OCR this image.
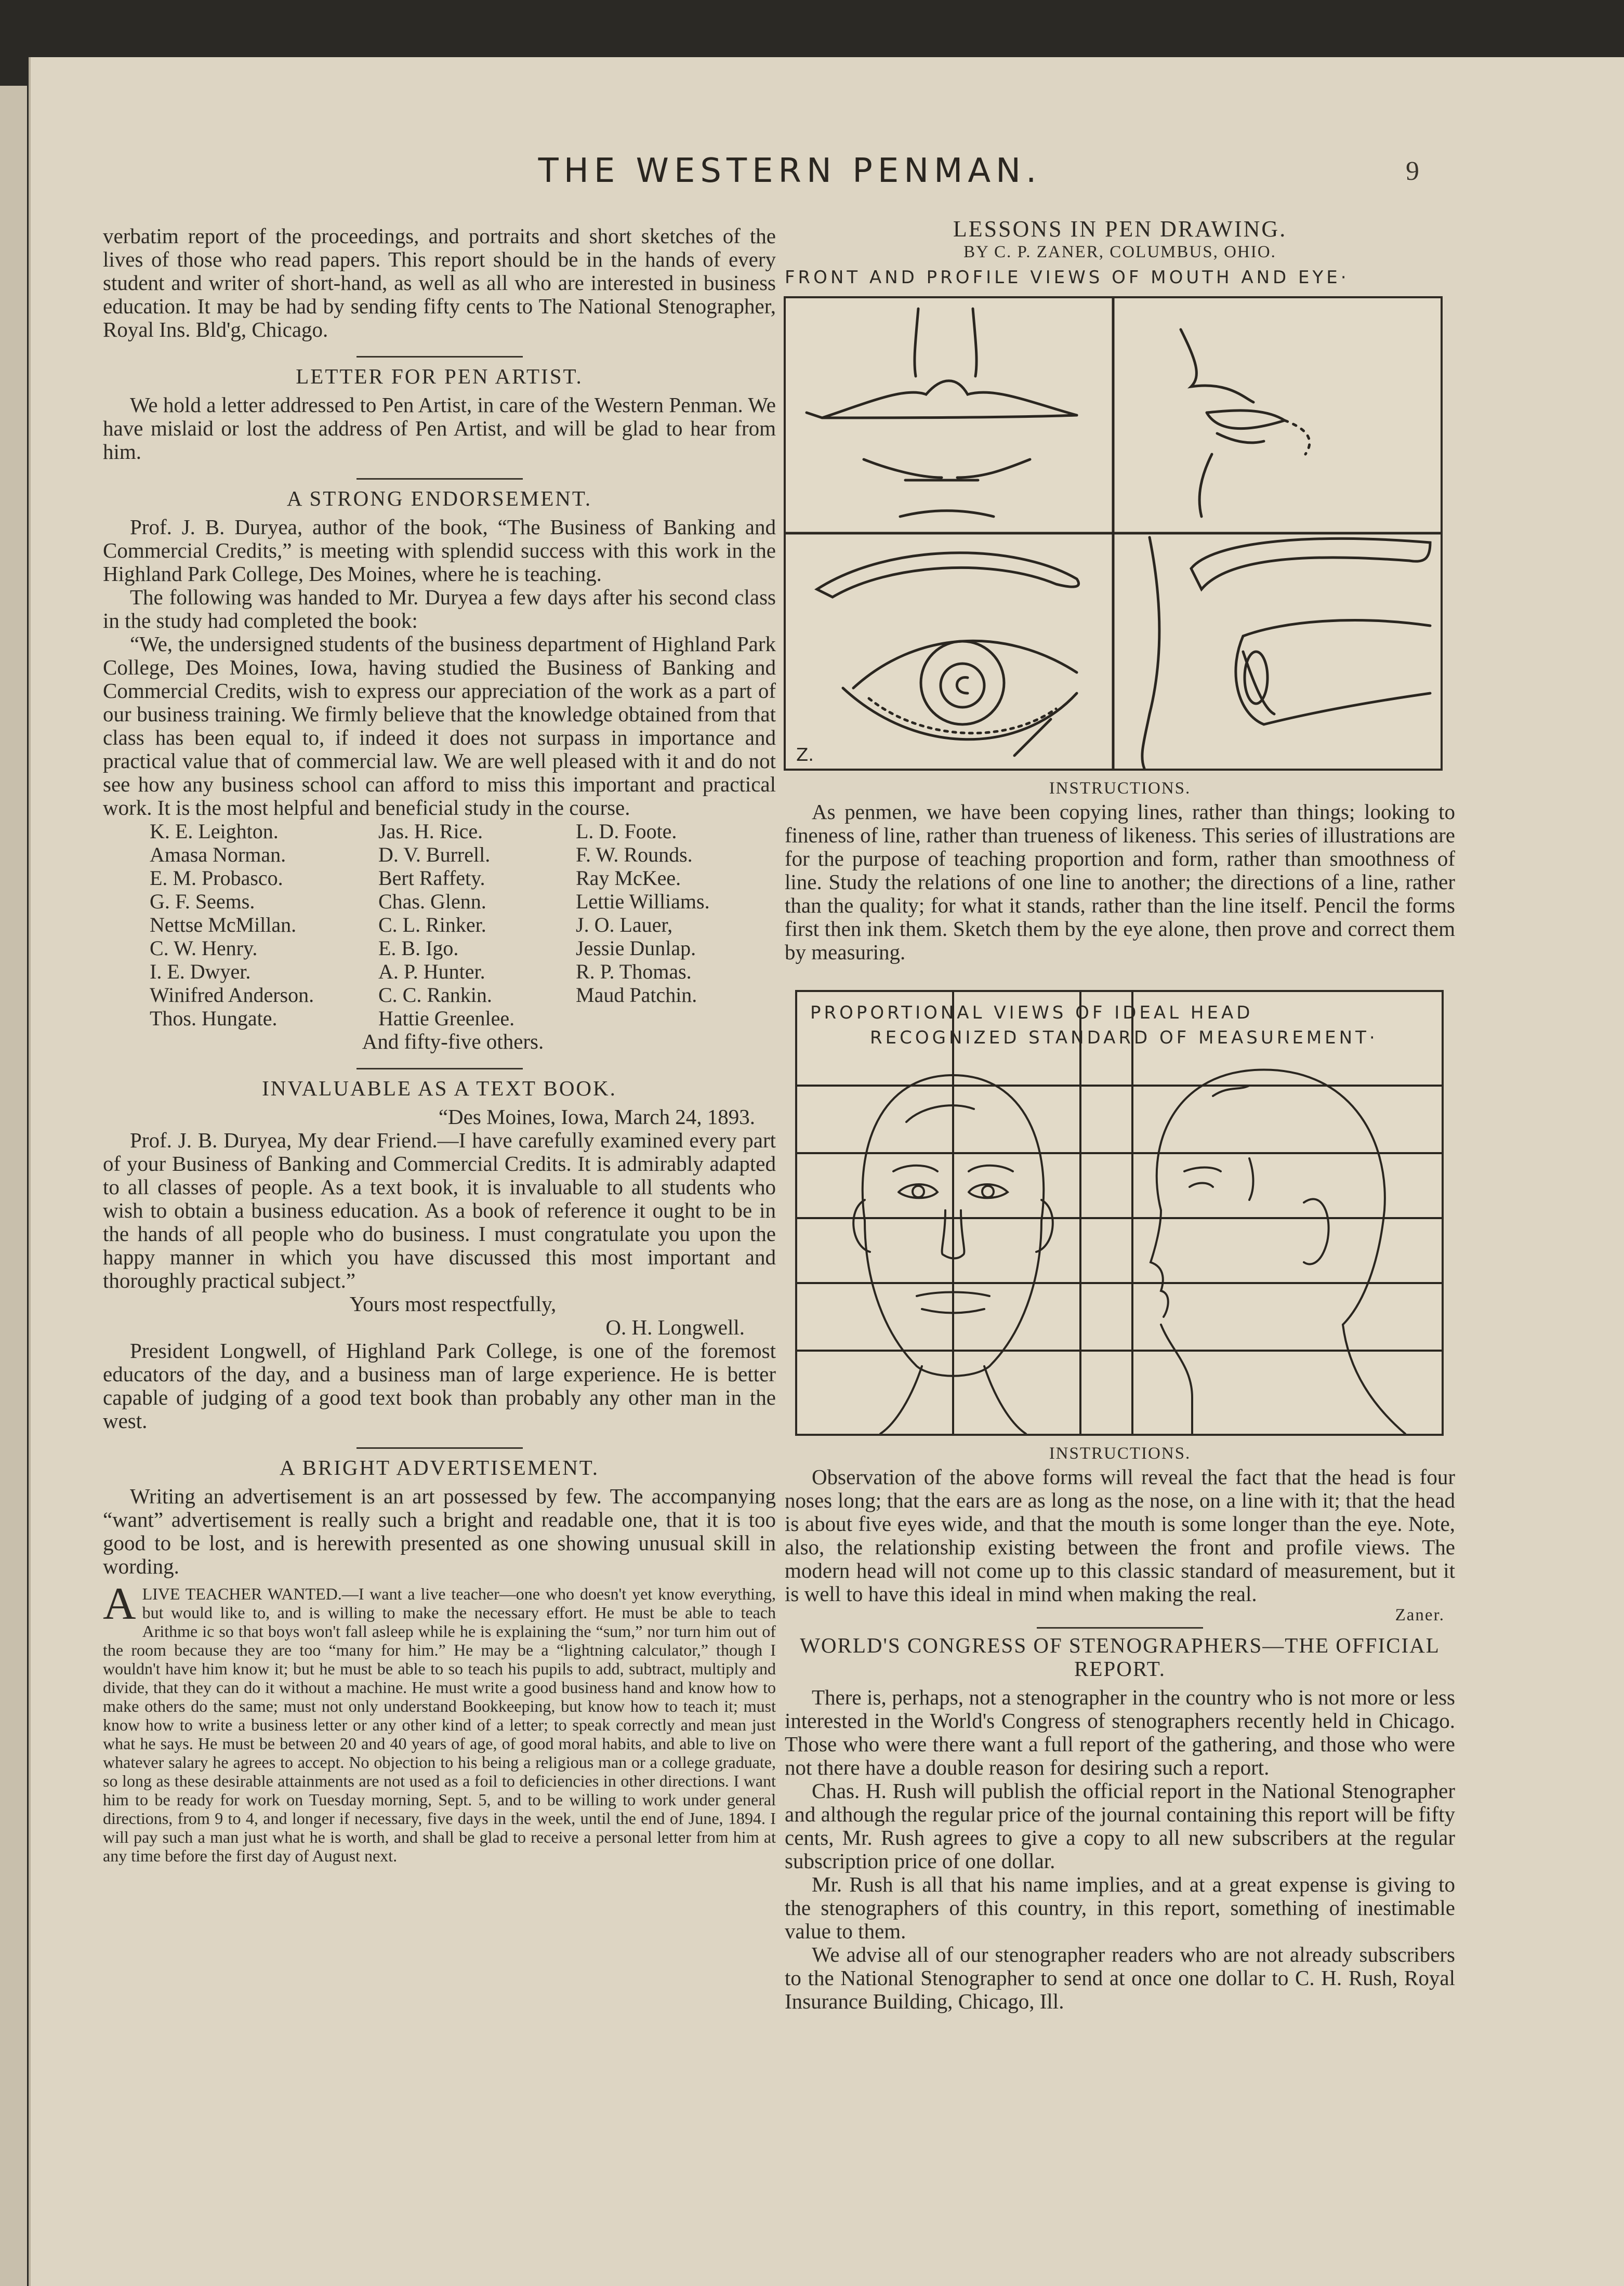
THE WESTERN PENMAN.	9

verbatim report of the proceedings, and portraits and short sketches of the lives of those who read papers. This report should be in the hands of every student and writer of short-hand, as well as all who are interested in business education. It may be had by sending fifty cents to The National Stenographer, Royal Ins. Bld'g, Chicago.

LETTER FOR PEN ARTIST.

We hold a letter addressed to Pen Artist, in care of the Western Penman. We have mislaid or lost the address of Pen Artist, and will be glad to hear from him.

A STRONG ENDORSEMENT.

Prof. J. B. Duryea, author of the book, “The Business of Banking and Commercial Credits,” is meeting with splendid success with this work in the Highland Park College, Des Moines, where he is teaching.

The following was handed to Mr. Duryea a few days after his second class in the study had completed the book:

“We, the undersigned students of the business department of Highland Park College, Des Moines, Iowa, having studied the Business of Banking and Commercial Credits, wish to express our appreciation of the work as a part of our business training. We firmly believe that the knowledge obtained from that class has been equal to, if indeed it does not surpass in importance and practical value that of commercial law. We are well pleased with it and do not see how any business school can afford to miss this important and practical work. It is the most helpful and beneficial study in the course.

K. E. Leighton.	Jas. H. Rice.	L. D. Foote.
Amasa Norman.	D. V. Burrell.	F. W. Rounds.
E. M. Probasco.	Bert Raffety.	Ray McKee.
G. F. Seems.	Chas. Glenn.	Lettie Williams.
Nettse McMillan.	C. L. Rinker.	J. O. Lauer,
C. W. Henry.	E. B. Igo.	Jessie Dunlap.
I. E. Dwyer.	A. P. Hunter.	R. P. Thomas.
Winifred Anderson.	C. C. Rankin.	Maud Patchin.
Thos. Hungate.	Hattie Greenlee.

And fifty-five others.

INVALUABLE AS A TEXT BOOK.

“Des Moines, Iowa, March 24, 1893.

Prof. J. B. Duryea, My dear Friend.—I have carefully examined every part of your Business of Banking and Commercial Credits. It is admirably adapted to all classes of people. As a text book, it is invaluable to all students who wish to obtain a business education. As a book of reference it ought to be in the hands of all people who do business. I must congratulate you upon the happy manner in which you have discussed this most important and thoroughly practical subject.”

Yours most respectfully,

O. H. Longwell.

President Longwell, of Highland Park College, is one of the foremost educators of the day, and a business man of large experience. He is better capable of judging of a good text book than probably any other man in the west.

A BRIGHT ADVERTISEMENT.

Writing an advertisement is an art possessed by few. The accompanying “want” advertisement is really such a bright and readable one, that it is too good to be lost, and is herewith presented as one showing unusual skill in wording.

A LIVE TEACHER WANTED.—I want a live teacher—one who doesn't yet know everything, but would like to, and is willing to make the necessary effort. He must be able to teach Arithme ic so that boys won't fall asleep while he is explaining the “sum,” nor turn him out of the room because they are too “many for him.” He may be a “lightning calculator,” though I wouldn't have him know it; but he must be able to so teach his pupils to add, subtract, multiply and divide, that they can do it without a machine. He must write a good business hand and know how to make others do the same; must not only understand Bookkeeping, but know how to teach it; must know how to write a business letter or any other kind of a letter; to speak correctly and mean just what he says. He must be between 20 and 40 years of age, of good moral habits, and able to live on whatever salary he agrees to accept. No objection to his being a religious man or a college graduate, so long as these desirable attainments are not used as a foil to deficiencies in other directions. I want him to be ready for work on Tuesday morning, Sept. 5, and to be willing to work under general directions, from 9 to 4, and longer if necessary, five days in the week, until the end of June, 1894. I will pay such a man just what he is worth, and shall be glad to receive a personal letter from him at any time before the first day of August next.
LESSONS IN PEN DRAWING.
BY C. P. ZANER, COLUMBUS, OHIO.
FRONT AND PROFILE VIEWS OF MOUTH AND EYE·
Z.
INSTRUCTIONS.

As penmen, we have been copying lines, rather than things; looking to fineness of line, rather than trueness of likeness. This series of illustrations are for the purpose of teaching proportion and form, rather than smoothness of line. Study the relations of one line to another; the directions of a line, rather than the quality; for what it stands, rather than the line itself. Pencil the forms first then ink them. Sketch them by the eye alone, then prove and correct them by measuring.

PROPORTIONAL VIEWS OF IDEAL HEAD
RECOGNIZED STANDARD OF MEASUREMENT·
INSTRUCTIONS.

Observation of the above forms will reveal the fact that the head is four noses long; that the ears are as long as the nose, on a line with it; that the head is about five eyes wide, and that the mouth is some longer than the eye. Note, also, the relationship existing between the front and profile views. The modern head will not come up to this classic standard of measurement, but it is well to have this ideal in mind when making the real.

Zaner.

WORLD'S CONGRESS OF STENOGRAPHERS—THE OFFICIAL REPORT.

There is, perhaps, not a stenographer in the country who is not more or less interested in the World's Congress of stenographers recently held in Chicago. Those who were there want a full report of the gathering, and those who were not there have a double reason for desiring such a report.

Chas. H. Rush will publish the official report in the National Stenographer and although the regular price of the journal containing this report will be fifty cents, Mr. Rush agrees to give a copy to all new subscribers at the regular subscription price of one dollar.

Mr. Rush is all that his name implies, and at a great expense is giving to the stenographers of this country, in this report, something of inestimable value to them.

We advise all of our stenographer readers who are not already subscribers to the National Stenographer to send at once one dollar to C. H. Rush, Royal Insurance Building, Chicago, Ill.
